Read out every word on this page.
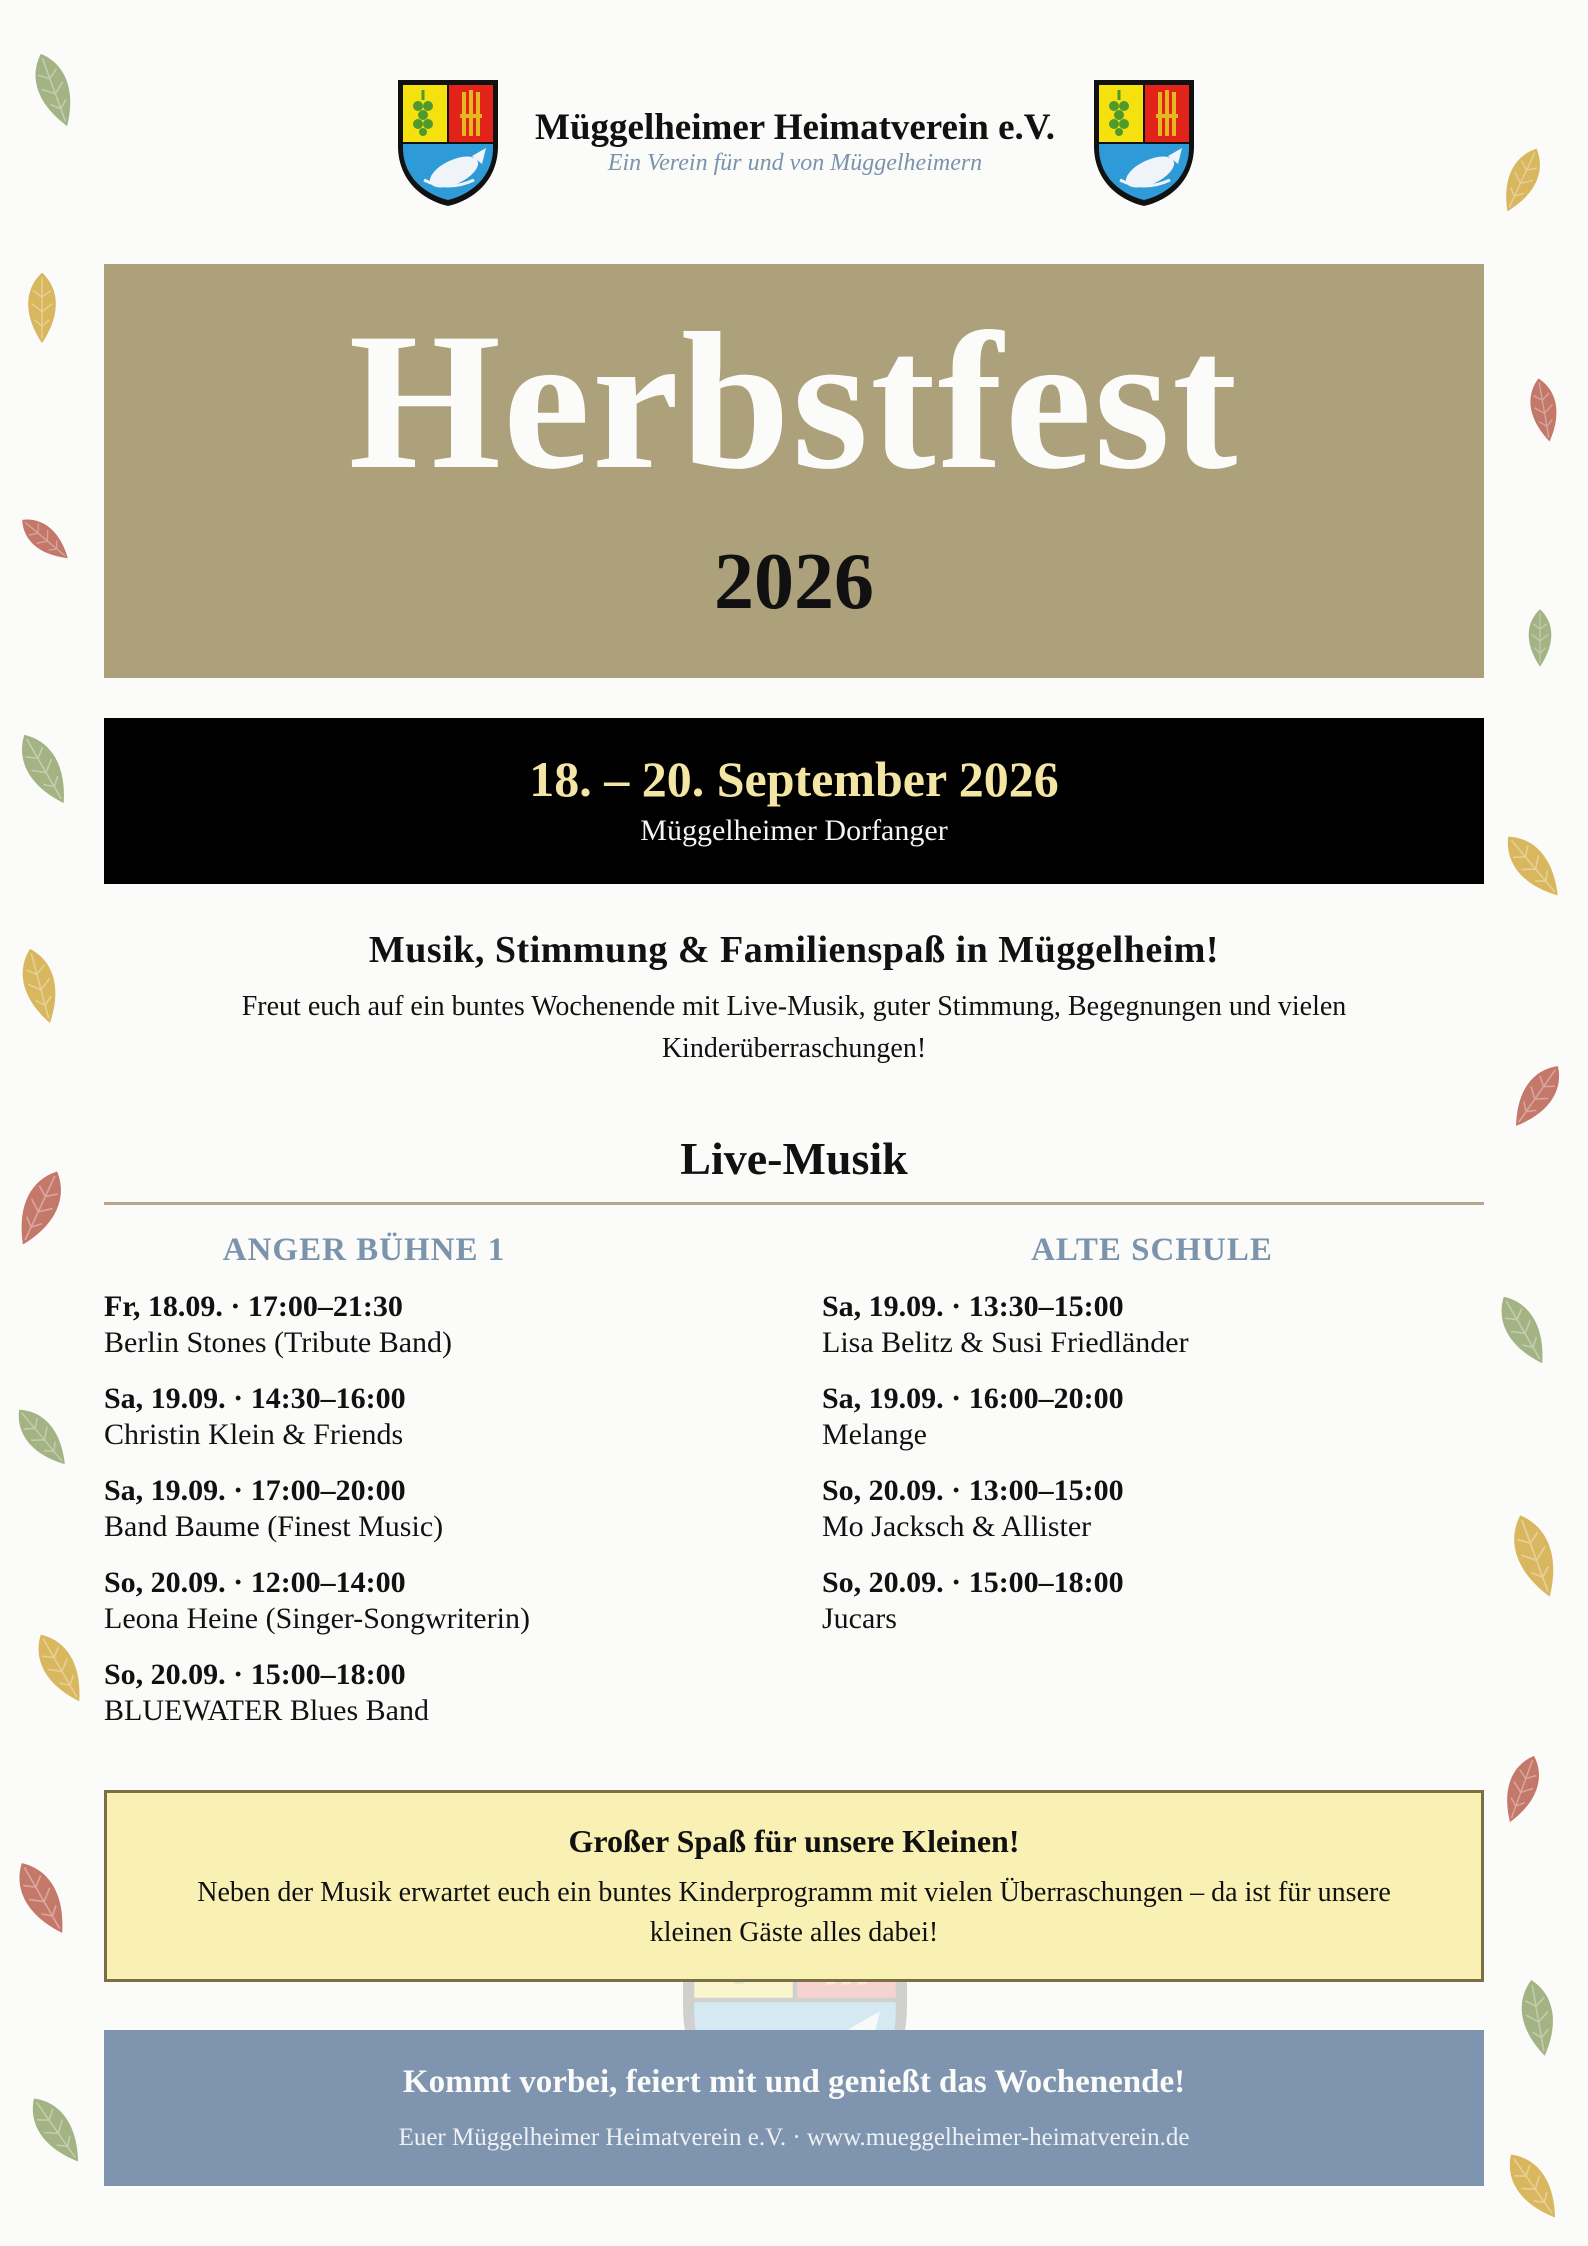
Müggelheimer Heimatverein e.V.
Ein Verein für und von Müggelheimern
Herbstfest
2026
18. – 20. September 2026
Müggelheimer Dorfanger
Musik, Stimmung & Familienspaß in Müggelheim!
Freut euch auf ein buntes Wochenende mit Live-Musik, guter Stimmung, Begegnungen und vielen Kinderüberraschungen!
Live-Musik
ANGER BÜHNE 1
Fr, 18.09. · 17:00–21:30
Berlin Stones (Tribute Band)
Sa, 19.09. · 14:30–16:00
Christin Klein & Friends
Sa, 19.09. · 17:00–20:00
Band Baume (Finest Music)
So, 20.09. · 12:00–14:00
Leona Heine (Singer-Songwriterin)
So, 20.09. · 15:00–18:00
BLUEWATER Blues Band
ALTE SCHULE
Sa, 19.09. · 13:30–15:00
Lisa Belitz & Susi Friedländer
Sa, 19.09. · 16:00–20:00
Melange
So, 20.09. · 13:00–15:00
Mo Jacksch & Allister
So, 20.09. · 15:00–18:00
Jucars
Großer Spaß für unsere Kleinen!
Neben der Musik erwartet euch ein buntes Kinderprogramm mit vielen Überraschungen – da ist für unsere kleinen Gäste alles dabei!
Kommt vorbei, feiert mit und genießt das Wochenende!
Euer Müggelheimer Heimatverein e.V. · www.mueggelheimer-heimatverein.de
